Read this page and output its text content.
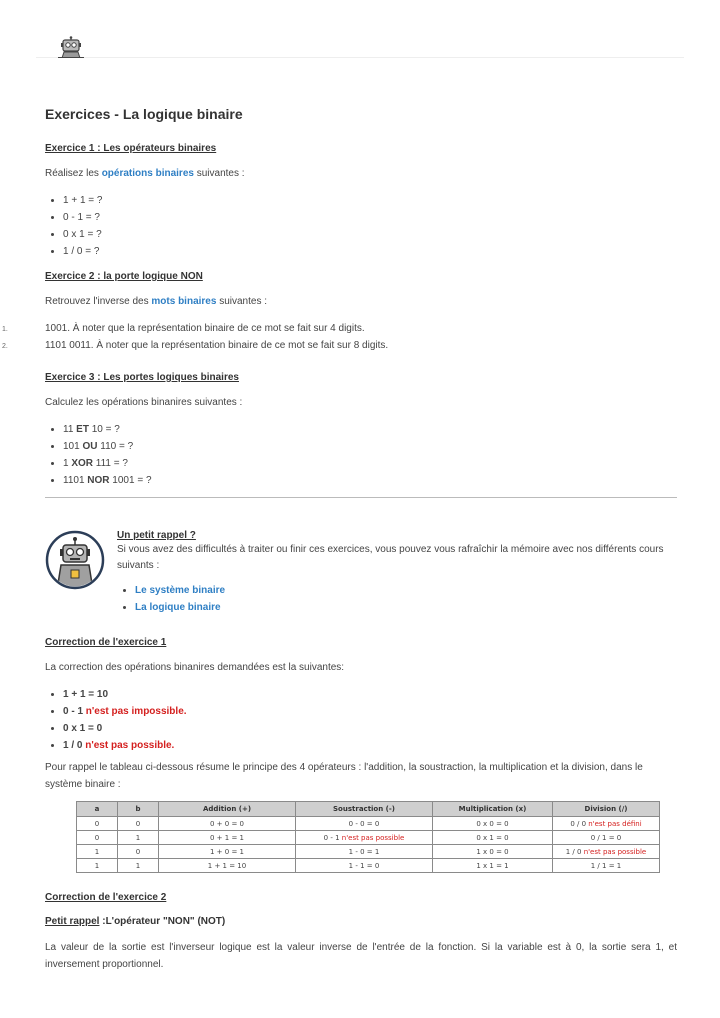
Exercices - La logique binaire
Exercice 1 : Les opérateurs binaires

Réalisez les opérations binaires suivantes :

• 1 + 1 = ?
• 0 - 1 = ?
• 0 x 1 = ?
• 1 / 0 = ?
Exercice 2 : la porte logique NON

Retrouvez l'inverse des mots binaires suivantes :

1.	1001. À noter que la représentation binaire de ce mot se fait sur 4 digits.
2.	1101 0011. À noter que la représentation binaire de ce mot se fait sur 8 digits.
Exercice 3 : Les portes logiques binaires

Calculez les opérations binanires suivantes :

• 11 ET 10 = ?
• 101 OU 110 = ?
• 1 XOR 111 = ?
• 1101 NOR 1001 = ?
Un petit rappel ?

Si vous avez des difficultés à traiter ou finir ces exercices, vous pouvez vous rafraîchir la mémoire avec nos différents cours suivants :

• Le système binaire
• La logique binaire
Correction de l'exercice 1

La correction des opérations binanires demandées est la suivantes:

• 1 + 1 = 10
• 0 - 1 n'est pas impossible.
• 0 x 1 = 0
• 1 / 0 n'est pas possible.

Pour rappel le tableau ci-dessous résume le principe des 4 opérateurs : l'addition, la soustraction, la multiplication et la division, dans le système binaire :

a	b	Addition (+)	Soustraction (-)	Multiplication (x)	Division (/)
0	0	0 + 0 = 0	0 - 0 = 0	0 x 0 = 0	0 / 0 n'est pas défini
0	1	0 + 1 = 1	0 - 1 n'est pas possible	0 x 1 = 0	0 / 1 = 0
1	0	1 + 0 = 1	1 - 0 = 1	1 x 0 = 0	1 / 0 n'est pas possible
1	1	1 + 1 = 10	1 - 1 = 0	1 x 1 = 1	1 / 1 = 1
Correction de l'exercice 2

Petit rappel :L'opérateur "NON" (NOT)

La valeur de la sortie est l'inverseur logique est la valeur inverse de l'entrée de la fonction. Si la variable est à 0, la sortie sera 1, et inversement proportionnel.
